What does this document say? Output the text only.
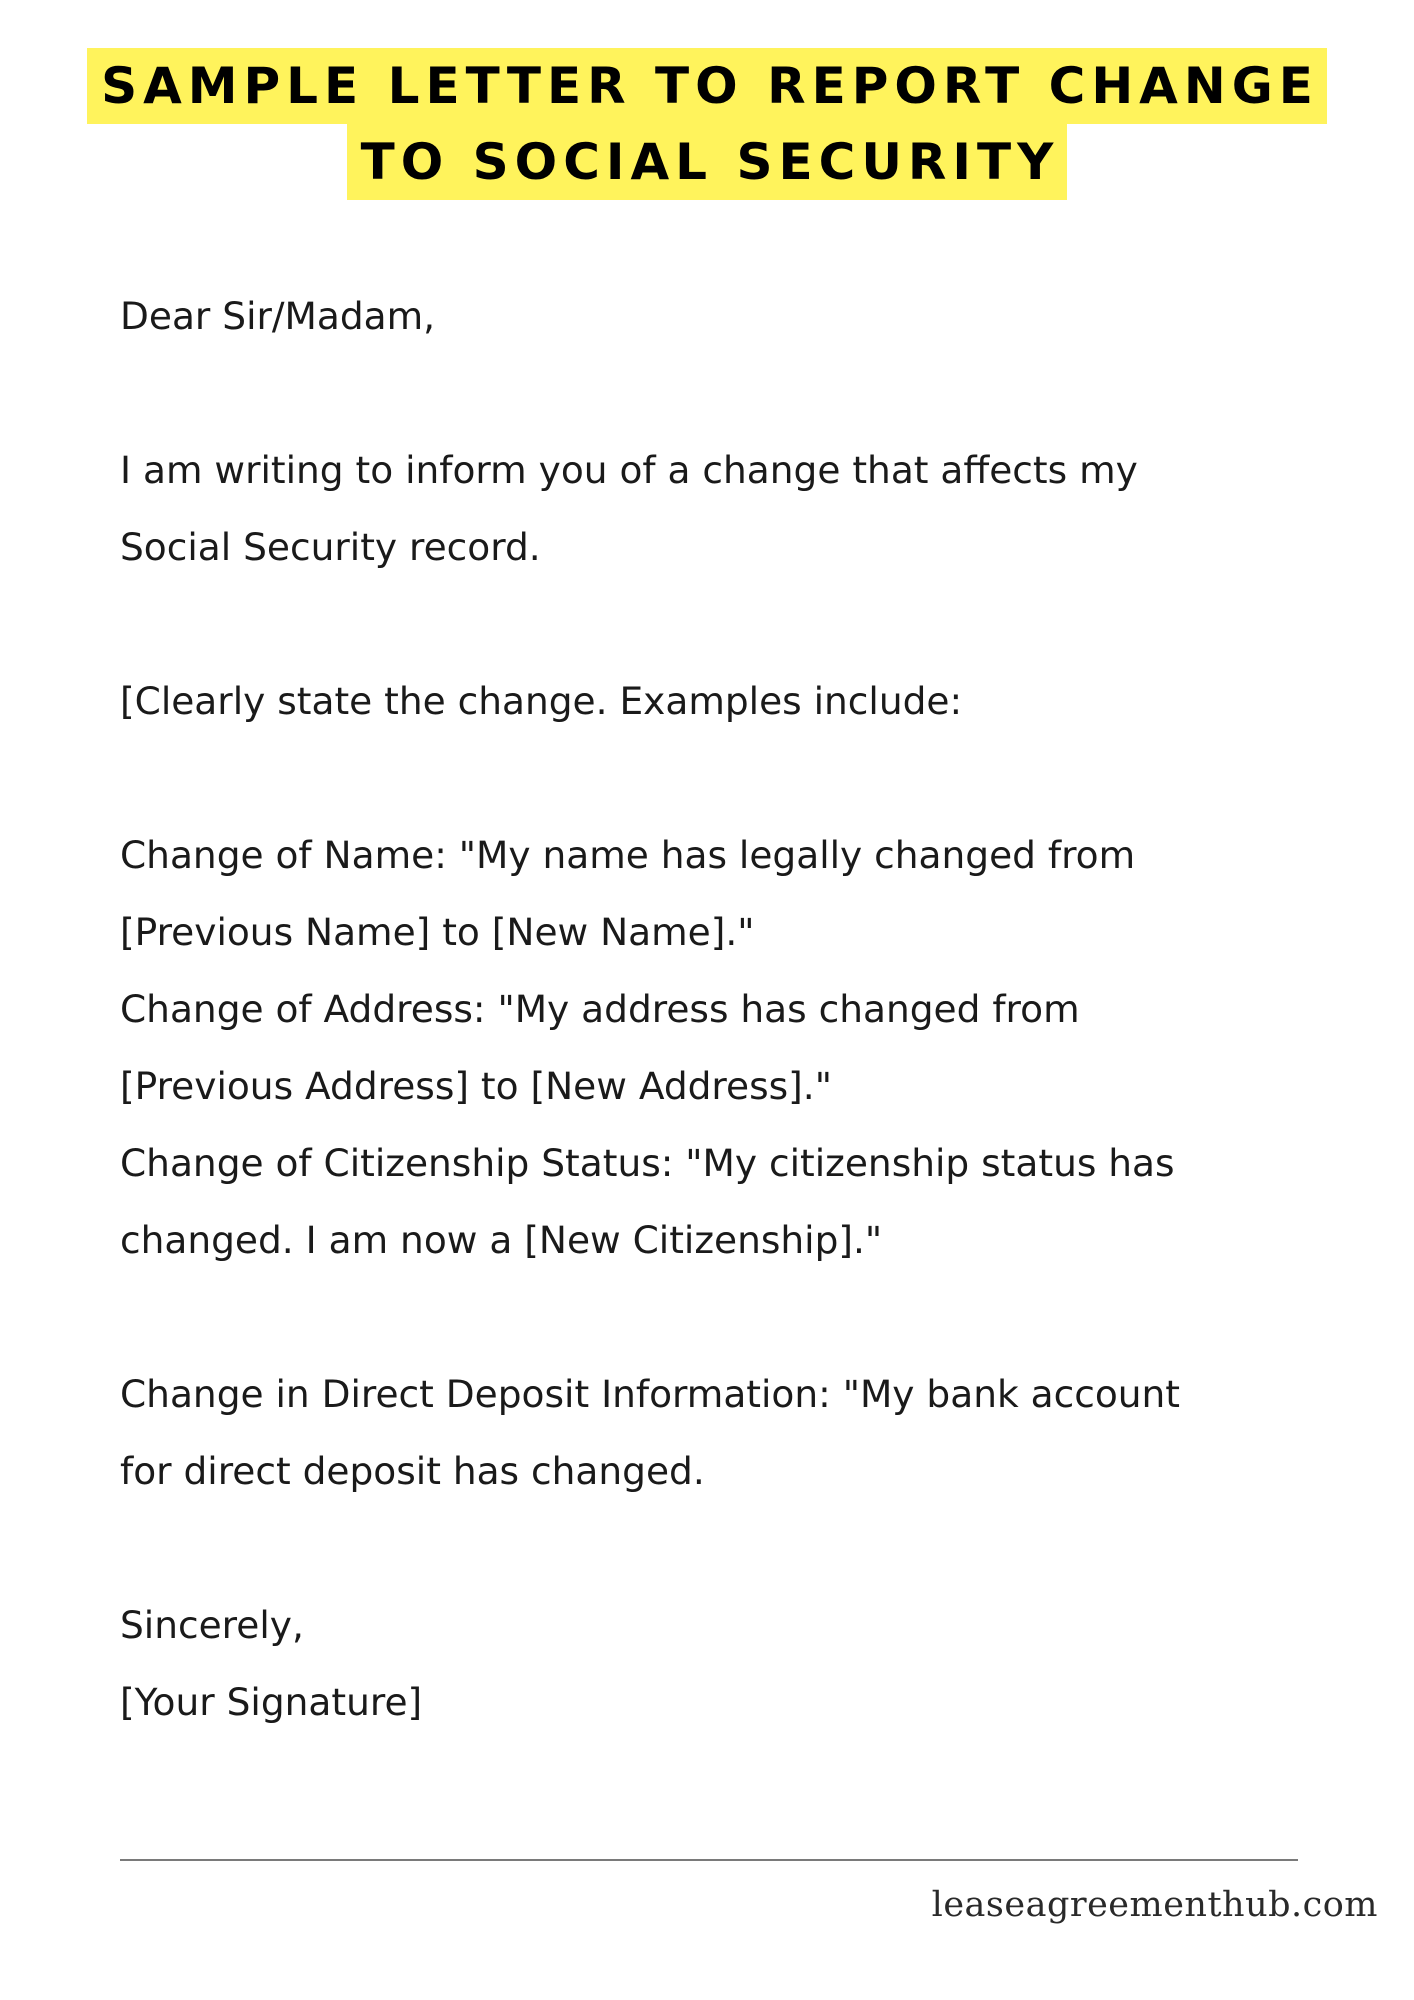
SAMPLE LETTER TO REPORT CHANGE
TO SOCIAL SECURITY
Dear Sir/Madam,
I am writing to inform you of a change that affects my
Social Security record.
[Clearly state the change. Examples include:
Change of Name: "My name has legally changed from
[Previous Name] to [New Name]."
Change of Address: "My address has changed from
[Previous Address] to [New Address]."
Change of Citizenship Status: "My citizenship status has
changed. I am now a [New Citizenship]."
Change in Direct Deposit Information: "My bank account
for direct deposit has changed.
Sincerely,
[Your Signature]
leaseagreementhub.com
